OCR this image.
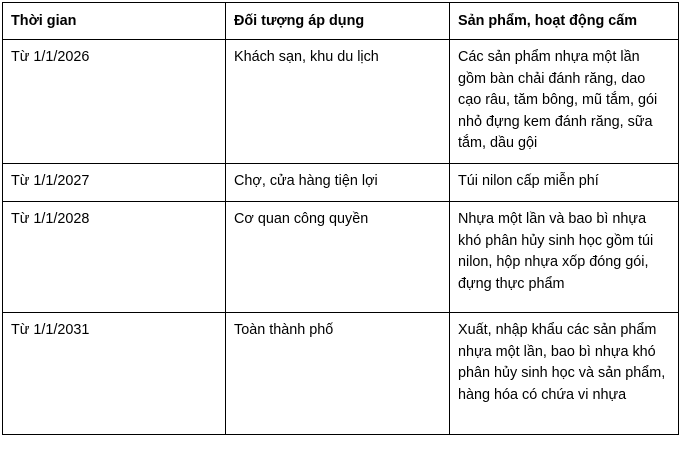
Thời gian	Đối tượng áp dụng	Sản phẩm, hoạt động cấm
Từ 1/1/2026	Khách sạn, khu du lịch	Các sản phẩm nhựa một lần gồm bàn chải đánh răng, dao cạo râu, tăm bông, mũ tắm, gói nhỏ đựng kem đánh răng, sữa tắm, dầu gội
Từ 1/1/2027	Chợ, cửa hàng tiện lợi	Túi nilon cấp miễn phí
Từ 1/1/2028	Cơ quan công quyền	Nhựa một lần và bao bì nhựa khó phân hủy sinh học gồm túi nilon, hộp nhựa xốp đóng gói, đựng thực phẩm
Từ 1/1/2031	Toàn thành phố	Xuất, nhập khẩu các sản phẩm nhựa một lần, bao bì nhựa khó phân hủy sinh học và sản phẩm, hàng hóa có chứa vi nhựa
